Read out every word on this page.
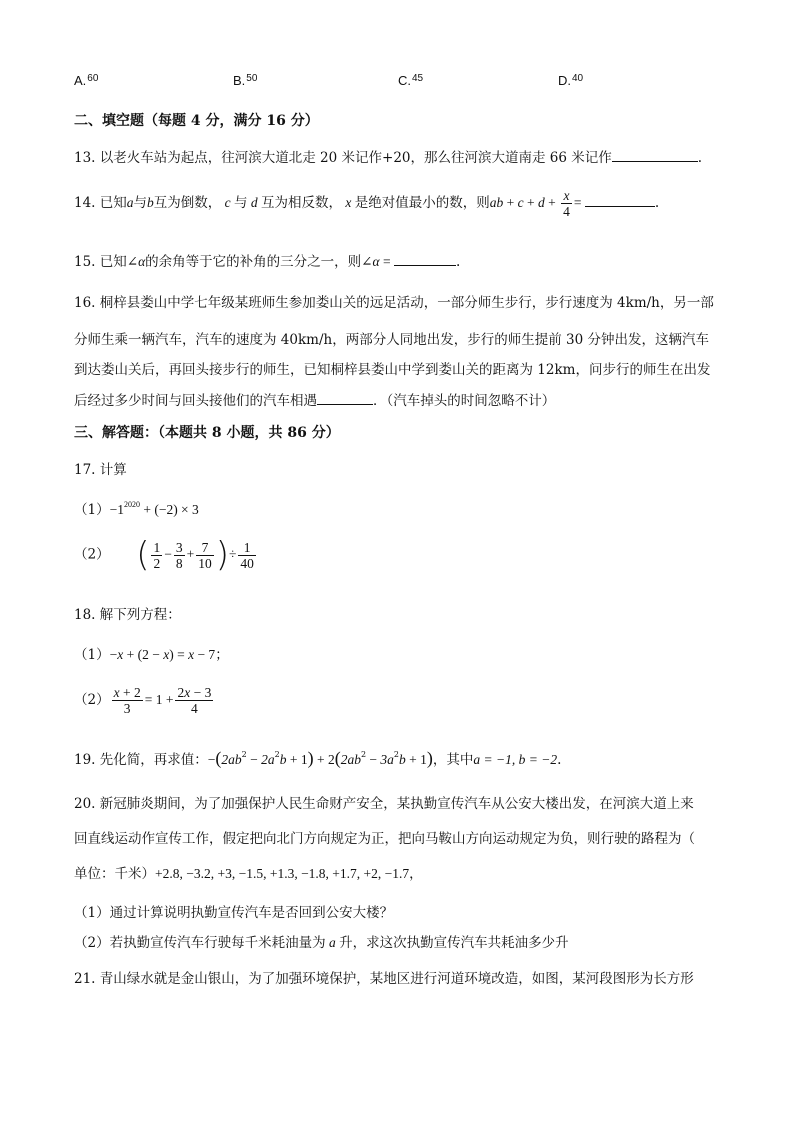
A.$^{60}$	B.$^{50}$	C.$^{45}$	D.$^{40}$
二、填空题（每题 4 分，满分 16 分）
13. 以老火车站为起点，往河滨大道北走 20 米记作+20，那么往河滨大道南走 66 米记作	.
14. 已知a与b互为倒数， c 与 d 互为相反数， x 是绝对值最小的数，则ab + $c + d + \frac{x}{4}$ =	.
15. 已知∠α的余角等于它的补角的三分之一，则∠α =	.
16. 桐梓县娄山中学七年级某班师生参加娄山关的远足活动，一部分师生步行，步行速度为 4km/h，另一部
分师生乘一辆汽车，汽车的速度为 40km/h，两部分人同地出发，步行的师生提前 30 分钟出发，这辆汽车
到达娄山关后，再回头接步行的师生，已知桐梓县娄山中学到娄山关的距离为 12km，问步行的师生在出发
后经过多少时间与回头接他们的汽车相遇	．（汽车掉头的时间忽略不计）
三、解答题：（本题共 8 小题，共 86 分）
17. 计算
$(1)-1^{2020} + (-2) \times 3$
（2） ( $\frac{1}{2} - \frac{3}{8} + \frac{7}{10}$ )÷ $\frac{1}{40}$
18. 解下列方程：
（1）−x + (2 − x) = x − 7；
$(2) \frac{x + 2}{3} = 1 + \frac{2x - 3}{4}$
19. 先化简，再求值：$-(2ab^2 - 2a^2b + 1) + 2(2ab^2 - 3a^2b + 1)$，其中a = −1, b = −2.
20. 新冠肺炎期间，为了加强保护人民生命财产安全，某执勤宣传汽车从公安大楼出发，在河滨大道上来
回直线运动作宣传工作，假定把向北门方向规定为正，把向马鞍山方向运动规定为负，则行驶的路程为（
单位：千米）+2.8, −3.2, +3, −1.5, +1.3, −1.8, +1.7, +2, −1.7，
（1）通过计算说明执勤宣传汽车是否回到公安大楼？
（2）若执勤宣传汽车行驶每千米耗油量为 a 升，求这次执勤宣传汽车共耗油多少升
21. 青山绿水就是金山银山，为了加强环境保护，某地区进行河道环境改造，如图，某河段图形为长方形
